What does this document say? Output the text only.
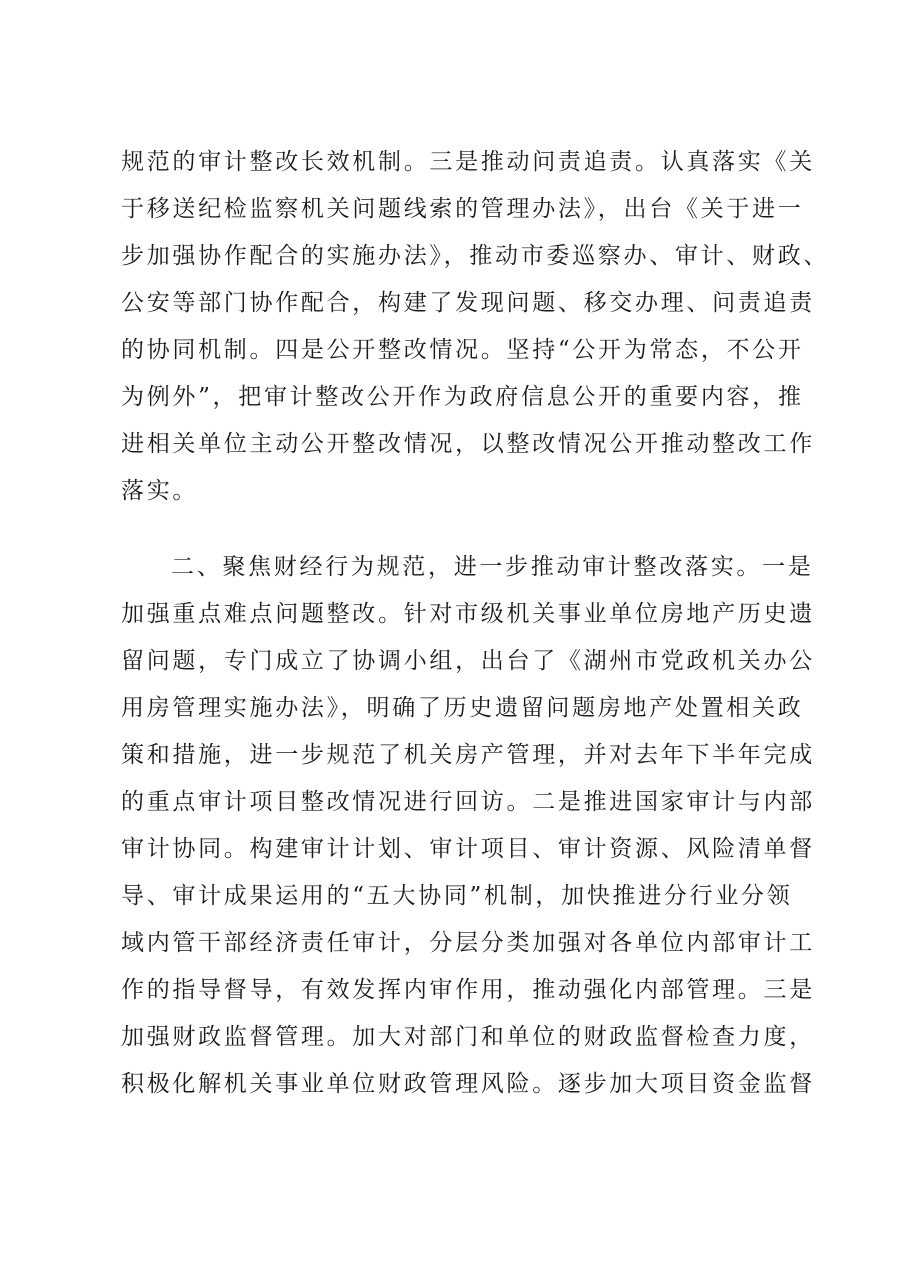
规范的审计整改长效机制。三是推动问责追责。认真落实《关
于移送纪检监察机关问题线索的管理办法》，出台《关于进一
步加强协作配合的实施办法》，推动市委巡察办、审计、财政、
公安等部门协作配合，构建了发现问题、移交办理、问责追责
的协同机制。四是公开整改情况。坚持“公开为常态，不公开
为例外”，把审计整改公开作为政府信息公开的重要内容，推
进相关单位主动公开整改情况，以整改情况公开推动整改工作
落实。
二、聚焦财经行为规范，进一步推动审计整改落实。一是
加强重点难点问题整改。针对市级机关事业单位房地产历史遗
留问题，专门成立了协调小组，出台了《湖州市党政机关办公
用房管理实施办法》，明确了历史遗留问题房地产处置相关政
策和措施，进一步规范了机关房产管理，并对去年下半年完成
的重点审计项目整改情况进行回访。二是推进国家审计与内部
审计协同。构建审计计划、审计项目、审计资源、风险清单督
导、审计成果运用的“五大协同”机制，加快推进分行业分领
域内管干部经济责任审计，分层分类加强对各单位内部审计工
作的指导督导，有效发挥内审作用，推动强化内部管理。三是
加强财政监督管理。加大对部门和单位的财政监督检查力度，
积极化解机关事业单位财政管理风险。逐步加大项目资金监督
